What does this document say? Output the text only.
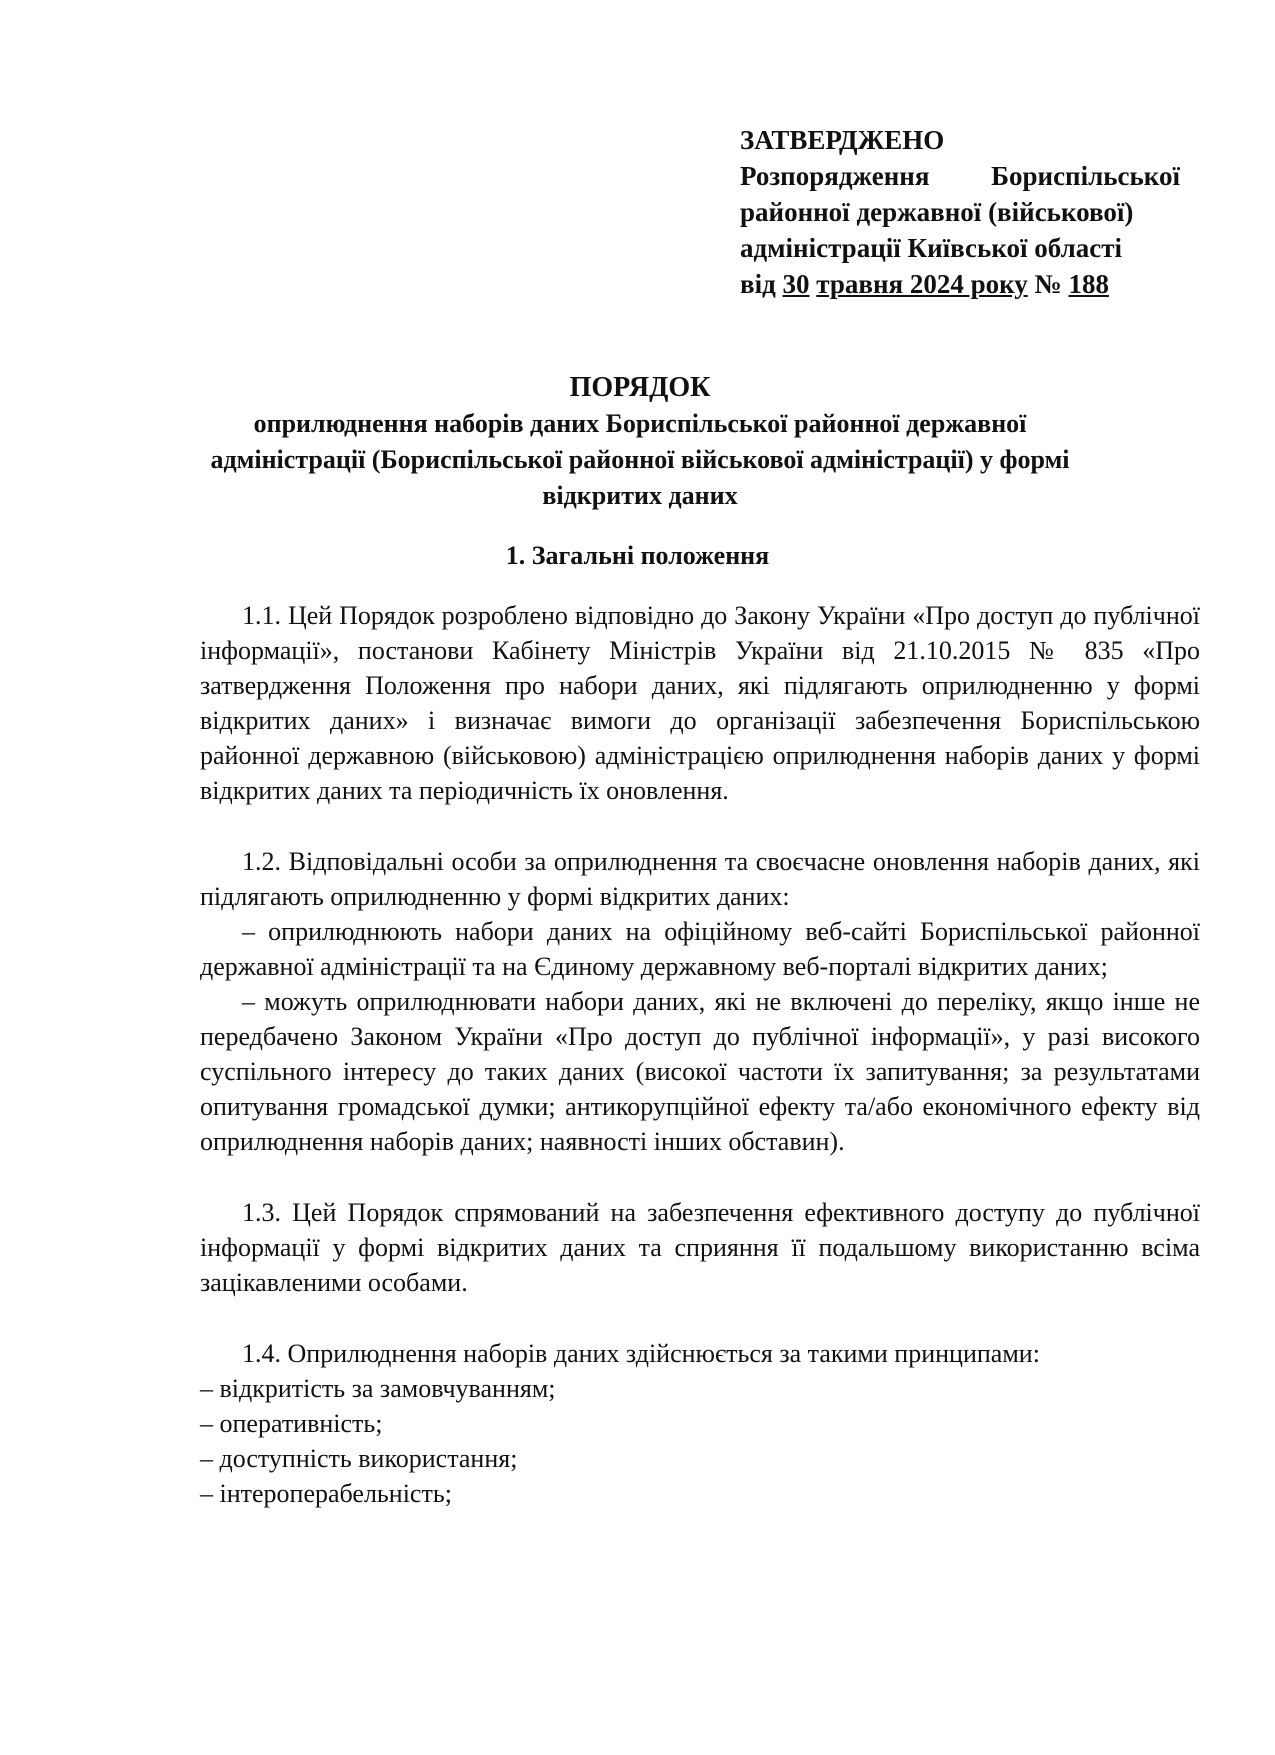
ЗАТВЕРДЖЕНО
Розпорядження Бориспільської
районної державної (військової)
адміністрації Київської області
від 30 травня 2024 року № 188
ПОРЯДОК
оприлюднення наборів даних Бориспільської районної державної адміністрації (Бориспільської районної військової адміністрації) у формі відкритих даних
1. Загальні положення

1.1. Цей Порядок розроблено відповідно до Закону України «Про доступ до публічної інформації», постанови Кабінету Міністрів України від 21.10.2015 № 835 «Про затвердження Положення про набори даних, які підлягають оприлюдненню у формі відкритих даних» і визначає вимоги до організації забезпечення Бориспільською районної державною (військовою) адміністрацією оприлюднення наборів даних у формі відкритих даних та періодичність їх оновлення.

1.2. Відповідальні особи за оприлюднення та своєчасне оновлення наборів даних, які підлягають оприлюдненню у формі відкритих даних:

– оприлюднюють набори даних на офіційному веб-сайті Бориспільської районної державної адміністрації та на Єдиному державному веб-порталі відкритих даних;

– можуть оприлюднювати набори даних, які не включені до переліку, якщо інше не передбачено Законом України «Про доступ до публічної інформації», у разі високого суспільного інтересу до таких даних (високої частоти їх запитування; за результатами опитування громадської думки; антикорупційної ефекту та/або економічного ефекту від оприлюднення наборів даних; наявності інших обставин).

1.3. Цей Порядок спрямований на забезпечення ефективного доступу до публічної інформації у формі відкритих даних та сприяння її подальшому використанню всіма зацікавленими особами.

1.4. Оприлюднення наборів даних здійснюється за такими принципами:

– відкритість за замовчуванням;
– оперативність;
– доступність використання;
– інтероперабельність;
